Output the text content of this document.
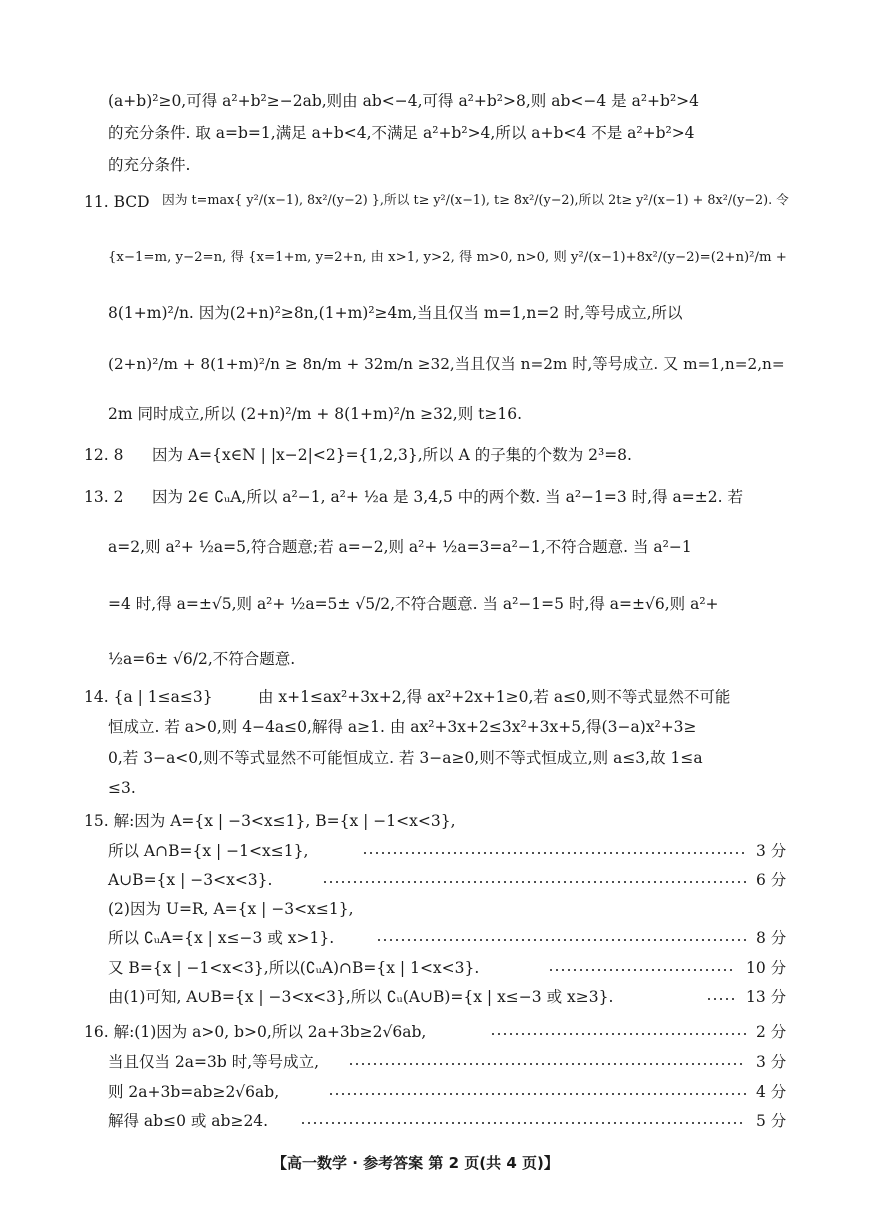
(a+b)²≥0,可得 a²+b²≥−2ab,则由 ab<−4,可得 a²+b²>8,则 ab<−4 是 a²+b²>4
的充分条件. 取 a=b=1,满足 a+b<4,不满足 a²+b²>4,所以 a+b<4 不是 a²+b²>4
的充分条件.
11. BCD 因为 t=max{ y²/(x−1), 8x²/(y−2) },所以 t≥ y²/(x−1), t≥ 8x²/(y−2),所以 2t≥ y²/(x−1) + 8x²/(y−2). 令
{x−1=m, y−2=n, 得 {x=1+m, y=2+n, 由 x>1, y>2, 得 m>0, n>0, 则 y²/(x−1)+8x²/(y−2)=(2+n)²/m +
8(1+m)²/n. 因为(2+n)²≥8n,(1+m)²≥4m,当且仅当 m=1,n=2 时,等号成立,所以
(2+n)²/m + 8(1+m)²/n ≥ 8n/m + 32m/n ≥32,当且仅当 n=2m 时,等号成立. 又 m=1,n=2,n=
2m 同时成立,所以 (2+n)²/m + 8(1+m)²/n ≥32,则 t≥16.
12. 8 因为 A={x∈N | |x−2|<2}={1,2,3},所以 A 的子集的个数为 2³=8.
13. 2 因为 2∈ ∁ᵤA,所以 a²−1, a²+ ½a 是 3,4,5 中的两个数. 当 a²−1=3 时,得 a=±2. 若
a=2,则 a²+ ½a=5,符合题意;若 a=−2,则 a²+ ½a=3=a²−1,不符合题意. 当 a²−1
=4 时,得 a=±√5,则 a²+ ½a=5± √5/2,不符合题意. 当 a²−1=5 时,得 a=±√6,则 a²+
½a=6± √6/2,不符合题意.
14. {a | 1≤a≤3}	由 x+1≤ax²+3x+2,得 ax²+2x+1≥0,若 a≤0,则不等式显然不可能
恒成立. 若 a>0,则 4−4a≤0,解得 a≥1. 由 ax²+3x+2≤3x²+3x+5,得(3−a)x²+3≥
0,若 3−a<0,则不等式显然不可能恒成立. 若 3−a≥0,则不等式恒成立,则 a≤3,故 1≤a
≤3.
15. 解:因为 A={x | −3<x≤1}, B={x | −1<x<3},
所以 A∩B={x | −1<x≤1},	3 分
A∪B={x | −3<x<3}.	6 分
(2)因为 U=R, A={x | −3<x≤1},
所以 ∁ᵤA={x | x≤−3 或 x>1}.	8 分
又 B={x | −1<x<3},所以(∁ᵤA)∩B={x | 1<x<3}.	10 分
由(1)可知, A∪B={x | −3<x<3},所以 ∁ᵤ(A∪B)={x | x≤−3 或 x≥3}.	13 分
16. 解:(1)因为 a>0, b>0,所以 2a+3b≥2√6ab,	2 分
当且仅当 2a=3b 时,等号成立,	3 分
则 2a+3b=ab≥2√6ab,	4 分
解得 ab≤0 或 ab≥24.	5 分
【高一数学 · 参考答案 第 2 页(共 4 页)】
